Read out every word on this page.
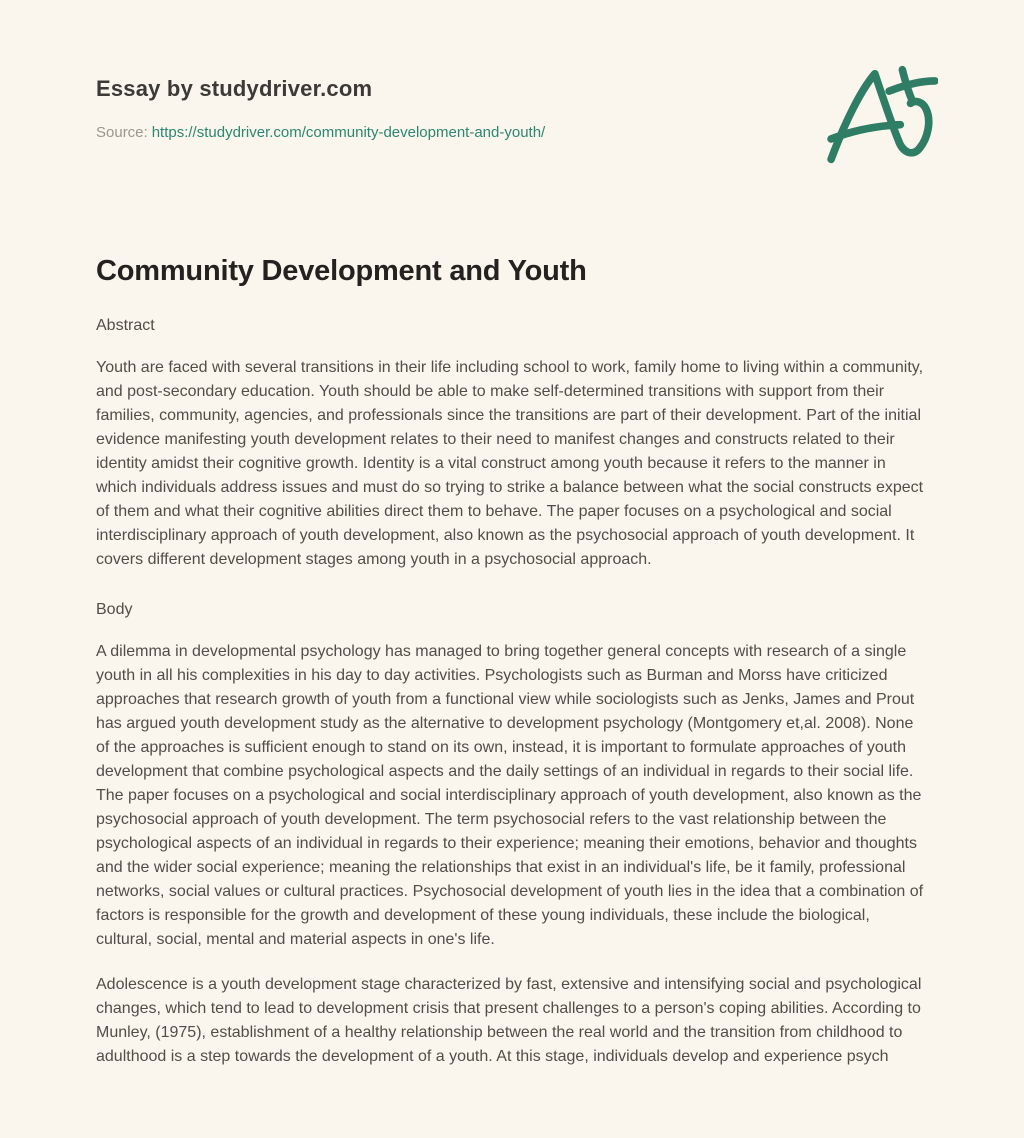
Essay by studydriver.com
Source: https://studydriver.com/community-development-and-youth/
Community Development and Youth
Abstract

Youth are faced with several transitions in their life including school to work, family home to living within a community, and post-secondary education. Youth should be able to make self-determined transitions with support from their families, community, agencies, and professionals since the transitions are part of their development. Part of the initial evidence manifesting youth development relates to their need to manifest changes and constructs related to their identity amidst their cognitive growth. Identity is a vital construct among youth because it refers to the manner in which individuals address issues and must do so trying to strike a balance between what the social constructs expect of them and what their cognitive abilities direct them to behave. The paper focuses on a psychological and social interdisciplinary approach of youth development, also known as the psychosocial approach of youth development. It covers different development stages among youth in a psychosocial approach.

Body

A dilemma in developmental psychology has managed to bring together general concepts with research of a single youth in all his complexities in his day to day activities. Psychologists such as Burman and Morss have criticized approaches that research growth of youth from a functional view while sociologists such as Jenks, James and Prout has argued youth development study as the alternative to development psychology (Montgomery et,al. 2008). None of the approaches is sufficient enough to stand on its own, instead, it is important to formulate approaches of youth development that combine psychological aspects and the daily settings of an individual in regards to their social life. The paper focuses on a psychological and social interdisciplinary approach of youth development, also known as the psychosocial approach of youth development. The term psychosocial refers to the vast relationship between the psychological aspects of an individual in regards to their experience; meaning their emotions, behavior and thoughts and the wider social experience; meaning the relationships that exist in an individual's life, be it family, professional networks, social values or cultural practices. Psychosocial development of youth lies in the idea that a combination of factors is responsible for the growth and development of these young individuals, these include the biological, cultural, social, mental and material aspects in one's life.

Adolescence is a youth development stage characterized by fast, extensive and intensifying social and psychological changes, which tend to lead to development crisis that present challenges to a person's coping abilities. According to Munley, (1975), establishment of a healthy relationship between the real world and the transition from childhood to adulthood is a step towards the development of a youth. At this stage, individuals develop and experience psych
